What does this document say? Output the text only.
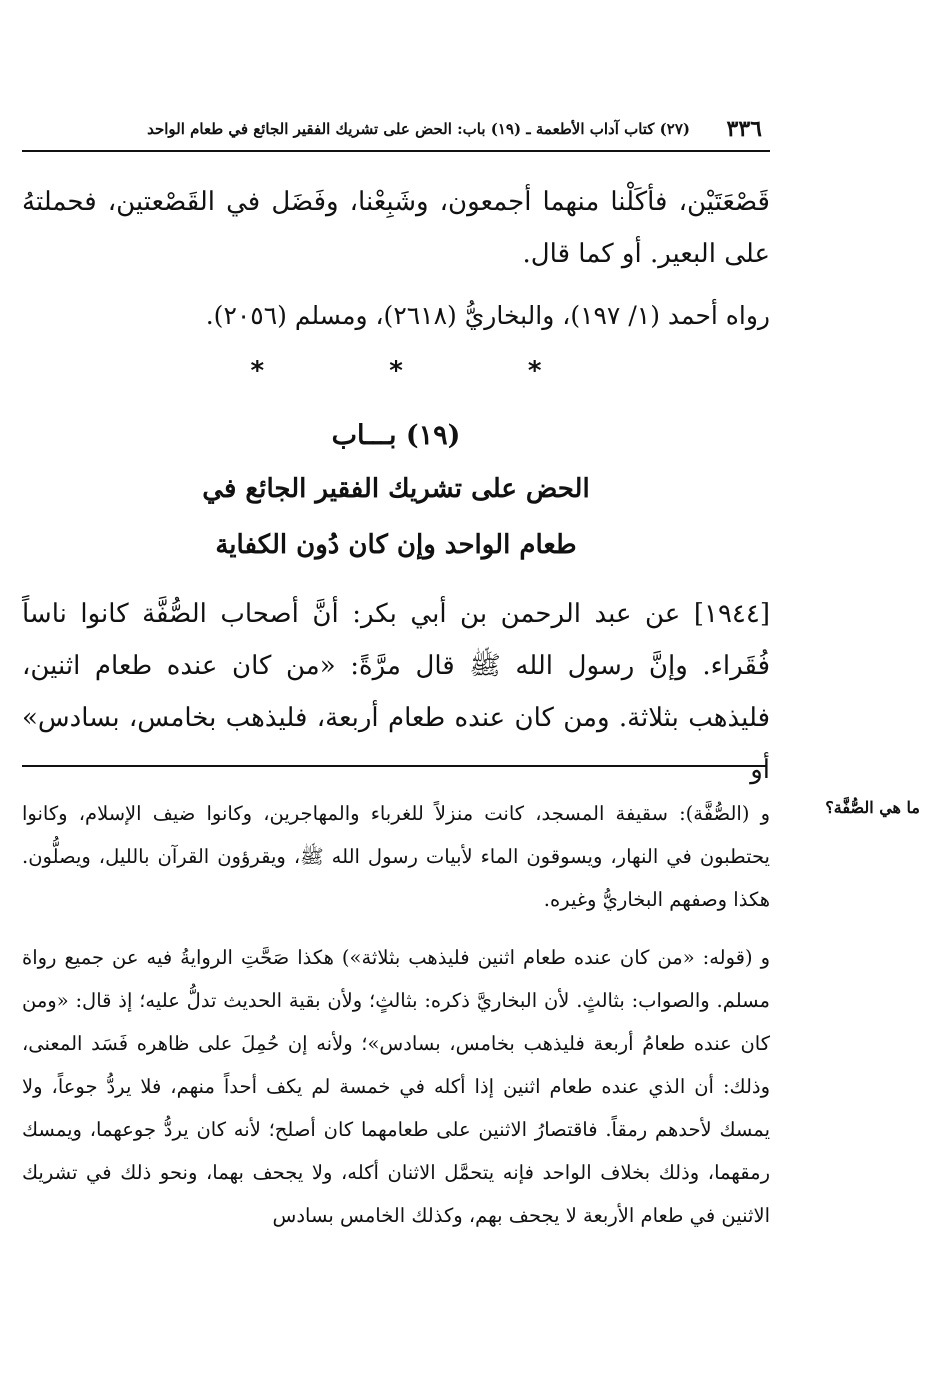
٣٣٦
(٢٧) كتاب آداب الأطعمة ـ (١٩) باب: الحض على تشريك الفقير الجائع في طعام الواحد

قَصْعَتَيْن، فأكَلْنا منهما أجمعون، وشَبِعْنا، وفَضَل في القَصْعتين، فحملتهُ على البعير. أو كما قال.

رواه أحمد (١/ ١٩٧)، والبخاريُّ (٢٦١٨)، ومسلم (٢٠٥٦).

* * *

(١٩) بـــاب

الحض على تشريك الفقير الجائع في

طعام الواحد وإن كان دُون الكفاية

[١٩٤٤] عن عبد الرحمن بن أبي بكر: أنَّ أصحاب الصُّفَّة كانوا ناساً فُقَراء. وإنَّ رسول الله ﷺ قال مرَّةً: «من كان عنده طعام اثنين، فليذهب بثلاثة. ومن كان عنده طعام أربعة، فليذهب بخامس، بسادس» أو

ما هي الصُّفَّة؟

و (الصُّفَّة): سقيفة المسجد، كانت منزلاً للغرباء والمهاجرين، وكانوا ضيف الإسلام، وكانوا يحتطبون في النهار، ويسوقون الماء لأبيات رسول الله ﷺ، ويقرؤون القرآن بالليل، ويصلُّون. هكذا وصفهم البخاريُّ وغيره.

و (قوله: «من كان عنده طعام اثنين فليذهب بثلاثة») هكذا صَحَّتِ الروايةُ فيه عن جميع رواة مسلم. والصواب: بثالثٍ. لأن البخاريَّ ذكره: بثالثٍ؛ ولأن بقية الحديث تدلُّ عليه؛ إذ قال: «ومن كان عنده طعامُ أربعة فليذهب بخامس، بسادس»؛ ولأنه إن حُمِلَ على ظاهره فَسَد المعنى، وذلك: أن الذي عنده طعام اثنين إذا أكله في خمسة لم يكف أحداً منهم، فلا يردُّ جوعاً، ولا يمسك لأحدهم رمقاً. فاقتصارُ الاثنين على طعامهما كان أصلح؛ لأنه كان يردُّ جوعهما، ويمسك رمقهما، وذلك بخلاف الواحد فإنه يتحمَّل الاثنان أكله، ولا يجحف بهما، ونحو ذلك في تشريك الاثنين في طعام الأربعة لا يجحف بهم، وكذلك الخامس بسادس
